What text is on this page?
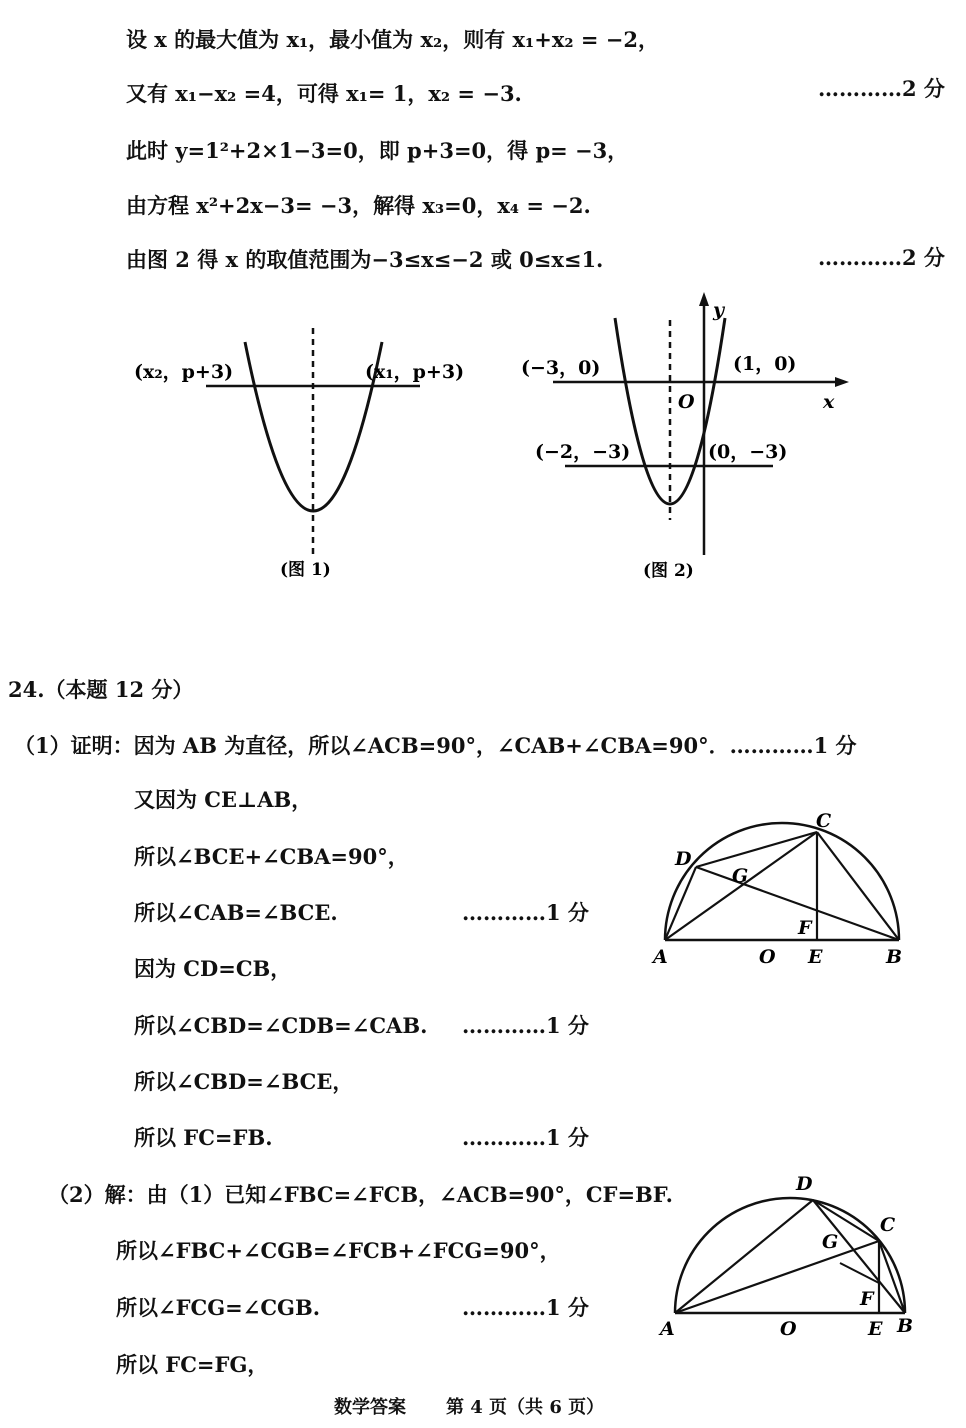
设 x 的最大值为 x₁，最小值为 x₂，则有 x₁+x₂ = −2，
又有 x₁−x₂ =4，可得 x₁= 1，x₂ = −3.	…………2 分
此时 y=1²+2×1−3=0，即 p+3=0，得 p= −3，
由方程 x²+2x−3= −3，解得 x₃=0，x₄ = −2.
由图 2 得 x 的取值范围为−3≤x≤−2 或 0≤x≤1.	…………2 分
(x₂，p+3)	(x₁，p+3)
(图 1)
y
x
O
(−3，0)	(1，0)
(−2，−3)	(0，−3)
(图 2)
24.（本题 12 分）
（1）证明：因为 AB 为直径，所以∠ACB=90°，∠CAB+∠CBA=90°．…………1 分
又因为 CE⊥AB，
所以∠BCE+∠CBA=90°，
所以∠CAB=∠BCE.	…………1 分
因为 CD=CB，
所以∠CBD=∠CDB=∠CAB. …………1 分
所以∠CBD=∠BCE，
所以 FC=FB.	…………1 分
（2）解：由（1）已知∠FBC=∠FCB，∠ACB=90°，CF=BF.
所以∠FBC+∠CGB=∠FCB+∠FCG=90°，
所以∠FCG=∠CGB.	…………1 分
所以 FC=FG，
A	B
C
D
E
F
G
O
A	B
C
D
E
F
G
O
数学答案 第 4 页（共 6 页）
